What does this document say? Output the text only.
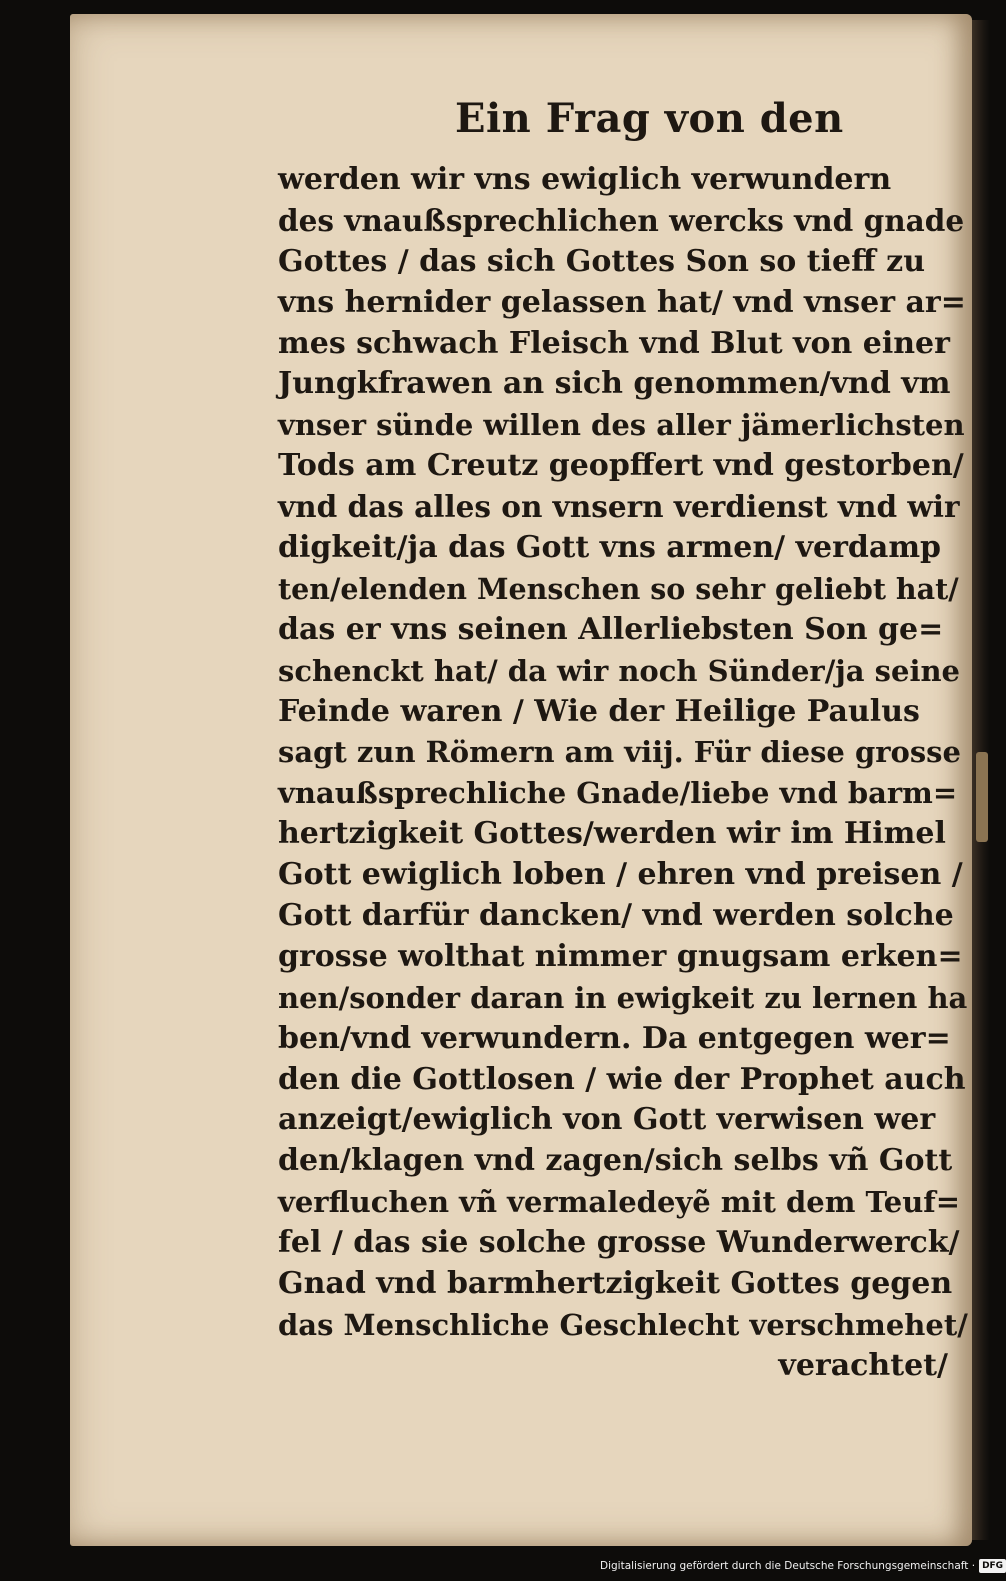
Ein Frag von den
werden wir vns ewiglich verwundern
des vnaußsprechlichen wercks vnd gnade
Gottes / das sich Gottes Son so tieff zu
vns hernider gelassen hat/ vnd vnser ar=
mes schwach Fleisch vnd Blut von einer
Jungkfrawen an sich genommen/vnd vm
vnser sünde willen des aller jämerlichsten
Tods am Creutz geopffert vnd gestorben/
vnd das alles on vnsern verdienst vnd wir
digkeit/ja das Gott vns armen/ verdamp
ten/elenden Menschen so sehr geliebt hat/
das er vns seinen Allerliebsten Son ge=
schenckt hat/ da wir noch Sünder/ja seine
Feinde waren / Wie der Heilige Paulus
sagt zun Römern am viij. Für diese grosse
vnaußsprechliche Gnade/liebe vnd barm=
hertzigkeit Gottes/werden wir im Himel
Gott ewiglich loben / ehren vnd preisen /
Gott darfür dancken/ vnd werden solche
grosse wolthat nimmer gnugsam erken=
nen/sonder daran in ewigkeit zu lernen ha
ben/vnd verwundern. Da entgegen wer=
den die Gottlosen / wie der Prophet auch
anzeigt/ewiglich von Gott verwisen wer
den/klagen vnd zagen/sich selbs vñ Gott
verfluchen vñ vermaledeyẽ mit dem Teuf=
fel / das sie solche grosse Wunderwerck/
Gnad vnd barmhertzigkeit Gottes gegen
das Menschliche Geschlecht verschmehet/
verachtet/
Digitalisierung gefördert durch die Deutsche Forschungsgemeinschaft · DFG
